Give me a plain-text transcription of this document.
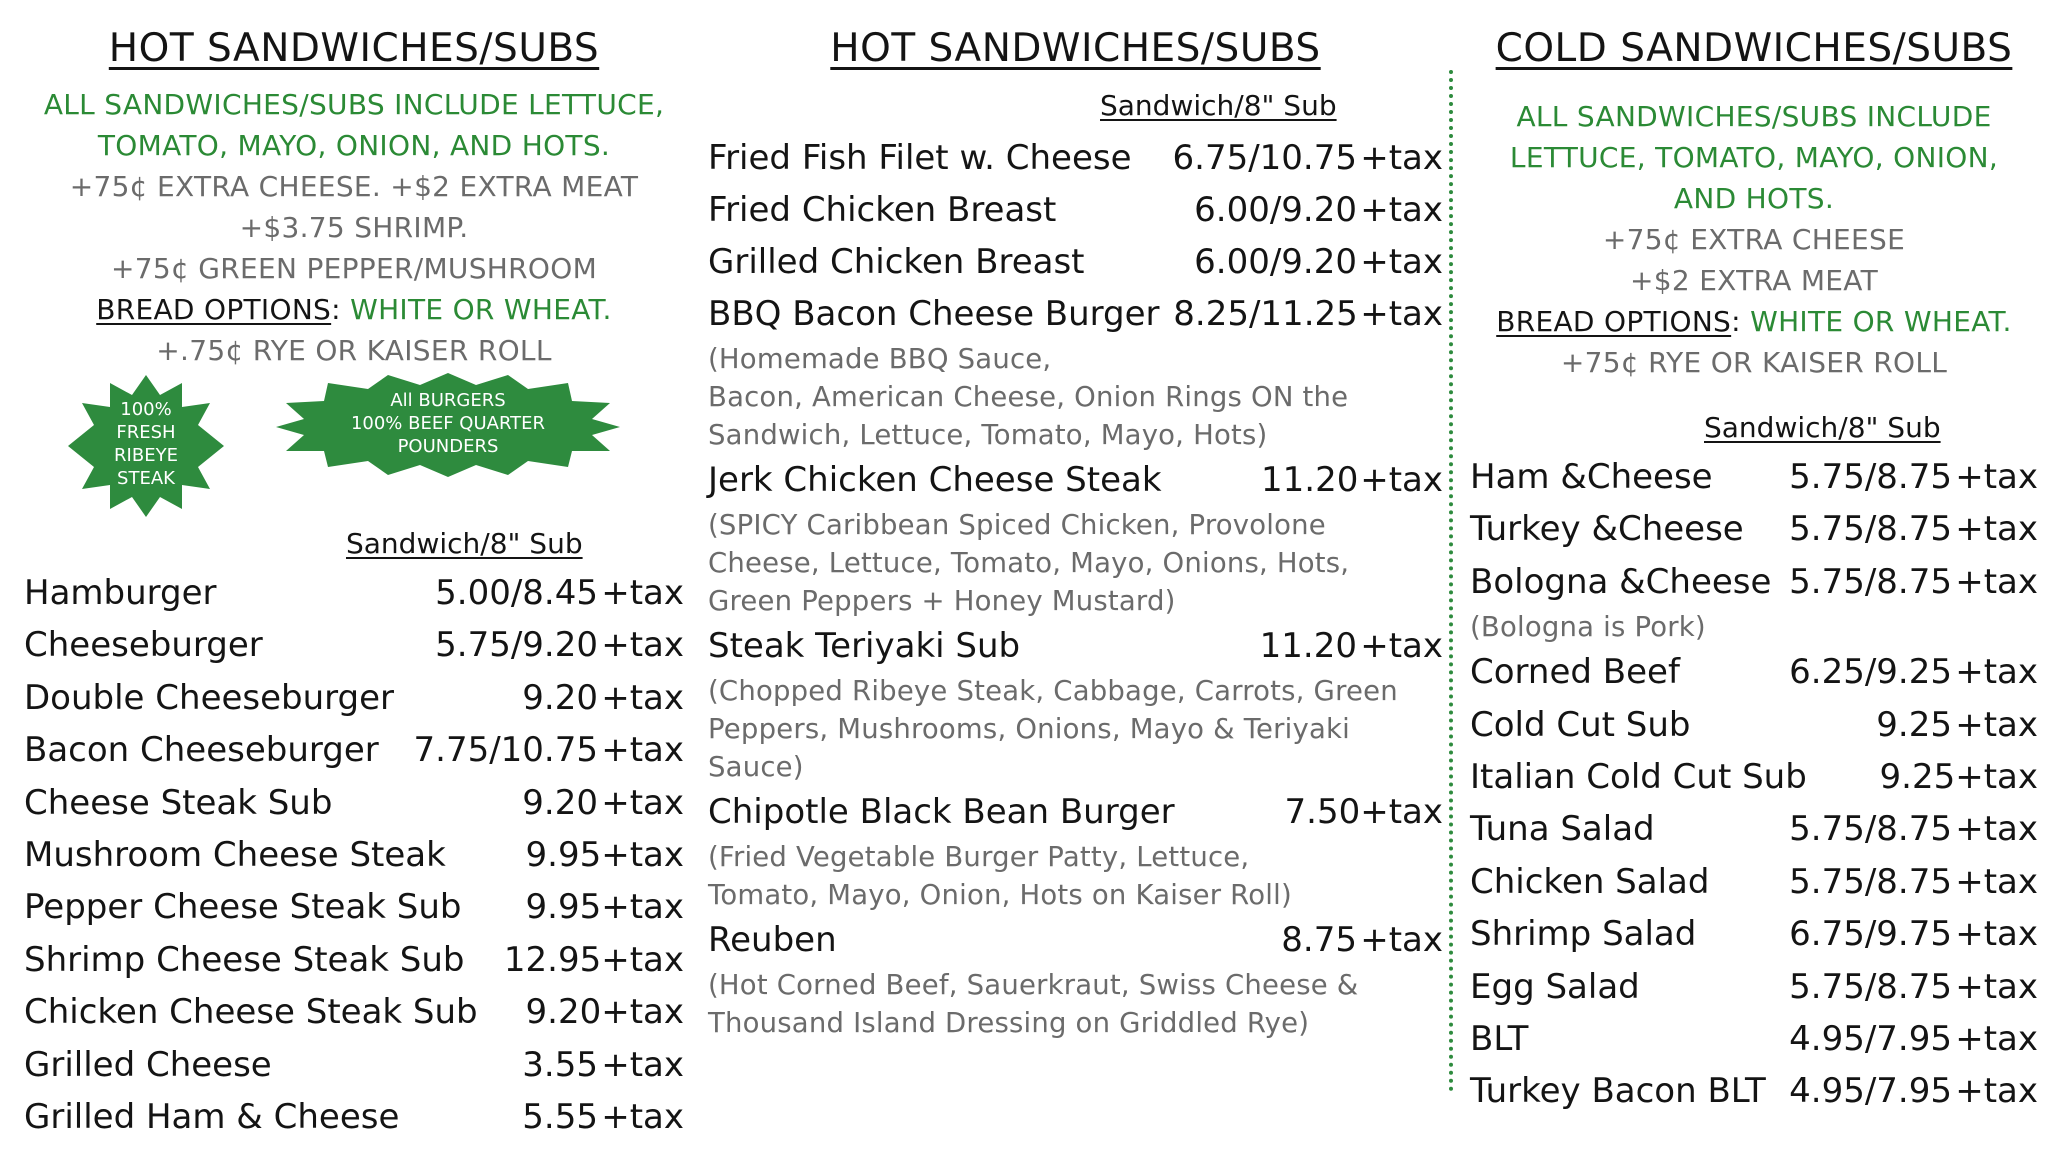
HOT SANDWICHES/SUBS
ALL SANDWICHES/SUBS INCLUDE LETTUCE,
TOMATO, MAYO, ONION, AND HOTS.
+75¢ EXTRA CHEESE. +$2 EXTRA MEAT
+$3.75 SHRIMP.
+75¢ GREEN PEPPER/MUSHROOM
BREAD OPTIONS: WHITE OR WHEAT.
+.75¢ RYE OR KAISER ROLL
100%
FRESH
RIBEYE
STEAK
All BURGERS
100% BEEF QUARTER
POUNDERS
Sandwich/8" Sub
Hamburger	5.00/8.45 +tax
Cheeseburger	5.75/9.20 +tax
Double Cheeseburger	9.20 +tax
Bacon Cheeseburger	7.75/10.75 +tax
Cheese Steak Sub	9.20 +tax
Mushroom Cheese Steak	9.95 +tax
Pepper Cheese Steak Sub	9.95 +tax
Shrimp Cheese Steak Sub	12.95 +tax
Chicken Cheese Steak Sub	9.20 +tax
Grilled Cheese	3.55 +tax
Grilled Ham & Cheese	5.55 +tax
HOT SANDWICHES/SUBS
Sandwich/8" Sub
Fried Fish Filet w. Cheese	6.75/10.75 +tax
Fried Chicken Breast	6.00/9.20 +tax
Grilled Chicken Breast	6.00/9.20 +tax
BBQ Bacon Cheese Burger 8.25/11.25 +tax
(Homemade BBQ Sauce,
Bacon, American Cheese, Onion Rings ON the
Sandwich, Lettuce, Tomato, Mayo, Hots)
Jerk Chicken Cheese Steak	11.20 +tax
(SPICY Caribbean Spiced Chicken, Provolone
Cheese, Lettuce, Tomato, Mayo, Onions, Hots,
Green Peppers + Honey Mustard)
Steak Teriyaki Sub	11.20 +tax
(Chopped Ribeye Steak, Cabbage, Carrots, Green
Peppers, Mushrooms, Onions, Mayo & Teriyaki
Sauce)
Chipotle Black Bean Burger	7.50 +tax
(Fried Vegetable Burger Patty, Lettuce,
Tomato, Mayo, Onion, Hots on Kaiser Roll)
Reuben	8.75 +tax
(Hot Corned Beef, Sauerkraut, Swiss Cheese &
Thousand Island Dressing on Griddled Rye)
COLD SANDWICHES/SUBS
ALL SANDWICHES/SUBS INCLUDE
LETTUCE, TOMATO, MAYO, ONION,
AND HOTS.
+75¢ EXTRA CHEESE
+$2 EXTRA MEAT
BREAD OPTIONS: WHITE OR WHEAT.
+75¢ RYE OR KAISER ROLL
Sandwich/8" Sub
Ham &Cheese	5.75/8.75 +tax
Turkey &Cheese	5.75/8.75 +tax
Bologna &Cheese 5.75/8.75 +tax
(Bologna is Pork)
Corned Beef	6.25/9.25 +tax
Cold Cut Sub	9.25 +tax
Italian Cold Cut Sub	9.25 +tax
Tuna Salad	5.75/8.75 +tax
Chicken Salad	5.75/8.75 +tax
Shrimp Salad	6.75/9.75 +tax
Egg Salad	5.75/8.75 +tax
BLT	4.95/7.95 +tax
Turkey Bacon BLT 4.95/7.95 +tax
